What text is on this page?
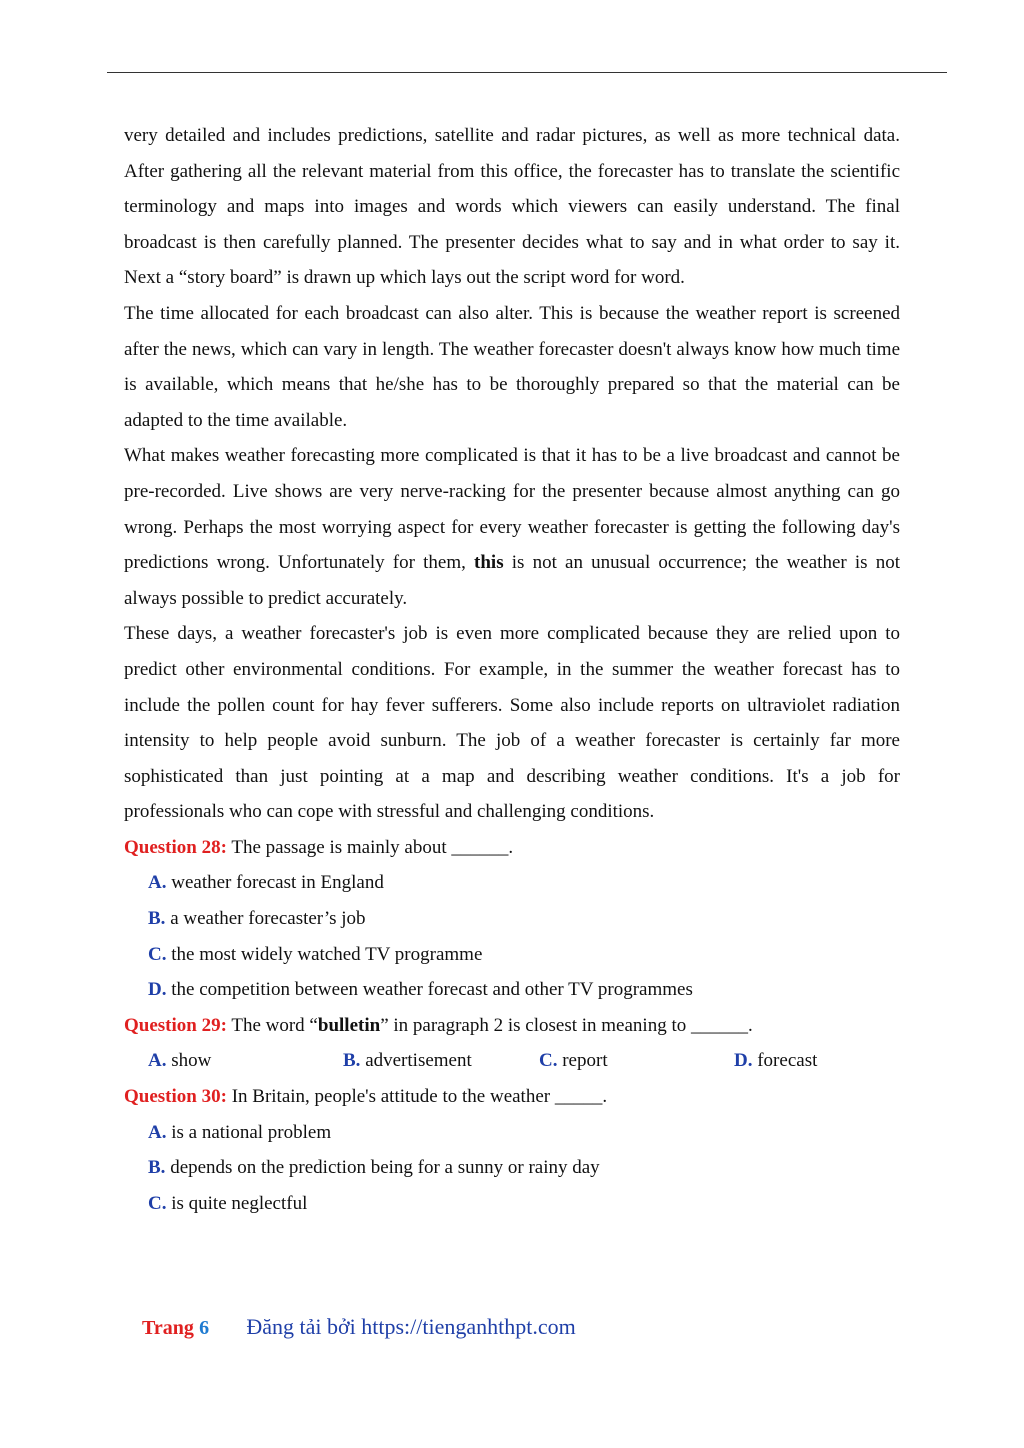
very detailed and includes predictions, satellite and radar pictures, as well as more technical data. After gathering all the relevant material from this office, the forecaster has to translate the scientific terminology and maps into images and words which viewers can easily understand. The final broadcast is then carefully planned. The presenter decides what to say and in what order to say it. Next a “story board” is drawn up which lays out the script word for word.

The time allocated for each broadcast can also alter. This is because the weather report is screened after the news, which can vary in length. The weather forecaster doesn't always know how much time is available, which means that he/she has to be thoroughly prepared so that the material can be adapted to the time available.

What makes weather forecasting more complicated is that it has to be a live broadcast and cannot be pre-recorded. Live shows are very nerve-racking for the presenter because almost anything can go wrong. Perhaps the most worrying aspect for every weather forecaster is getting the following day's predictions wrong. Unfortunately for them, this is not an unusual occurrence; the weather is not always possible to predict accurately.

These days, a weather forecaster's job is even more complicated because they are relied upon to predict other environmental conditions. For example, in the summer the weather forecast has to include the pollen count for hay fever sufferers. Some also include reports on ultraviolet radiation intensity to help people avoid sunburn. The job of a weather forecaster is certainly far more sophisticated than just pointing at a map and describing weather conditions. It's a job for professionals who can cope with stressful and challenging conditions.

Question 28: The passage is mainly about ______.

A. weather forecast in England

B. a weather forecaster’s job

C. the most widely watched TV programme

D. the competition between weather forecast and other TV programmes

Question 29: The word “bulletin” in paragraph 2 is closest in meaning to ______.

A. show	B. advertisement	C. report	D. forecast

Question 30: In Britain, people's attitude to the weather _____.

A. is a national problem

B. depends on the prediction being for a sunny or rainy day

C. is quite neglectful

Trang 6 Đăng tải bởi https://tienganhthpt.com
